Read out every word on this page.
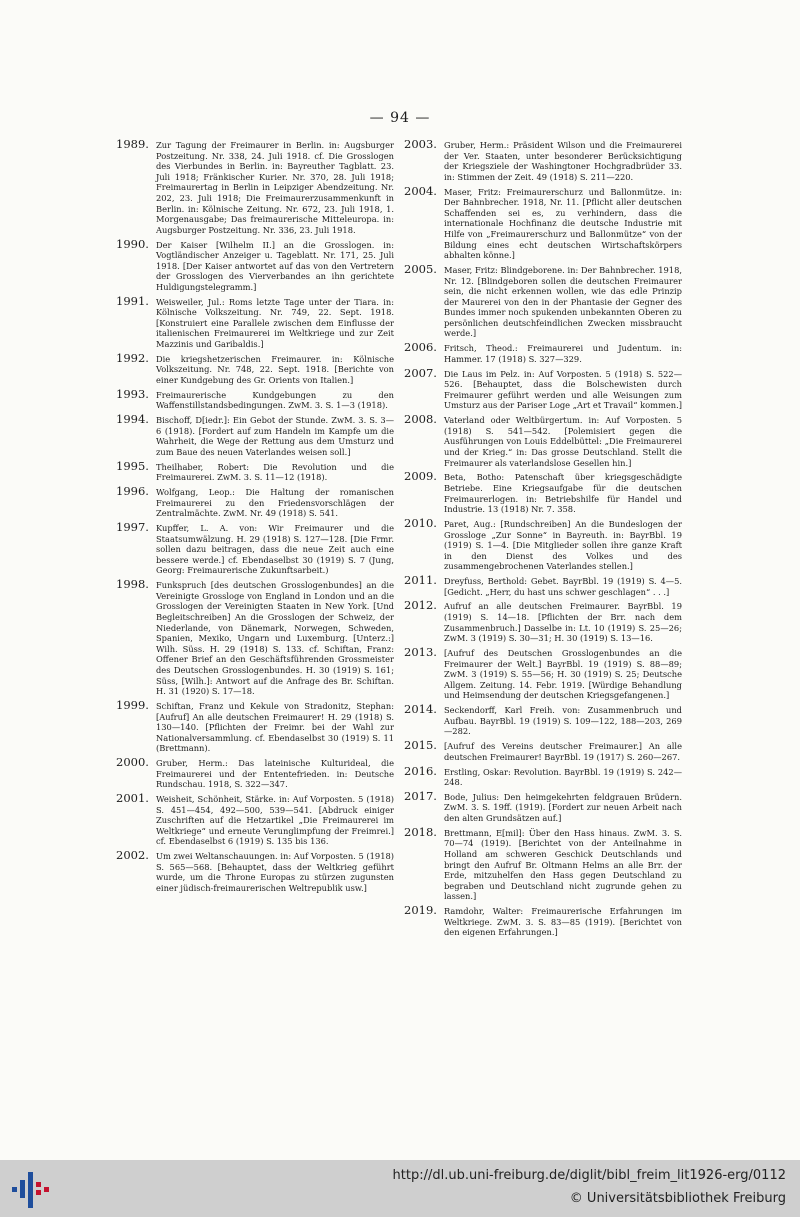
— 94 —
1989. Zur Tagung der Freimaurer in Berlin. in: Augsburger Postzeitung. Nr. 338, 24. Juli 1918. cf. Die Grosslogen des Vierbundes in Berlin. in: Bayreuther Tagblatt. 23. Juli 1918; Fränkischer Kurier. Nr. 370, 28. Juli 1918; Freimaurertag in Berlin in Leipziger Abendzeitung. Nr. 202, 23. Juli 1918; Die Freimaurerzusammenkunft in Berlin. in: Kölnische Zeitung. Nr. 672, 23. Juli 1918, 1. Morgenausgabe; Das freimaurerische Mitteleuropa. in: Augsburger Postzeitung. Nr. 336, 23. Juli 1918.
1990. Der Kaiser [Wilhelm II.] an die Grosslogen. in: Vogtländischer Anzeiger u. Tageblatt. Nr. 171, 25. Juli 1918. [Der Kaiser antwortet auf das von den Vertretern der Grosslogen des Vierverbandes an ihn gerichtete Huldigungstelegramm.]
1991. Weisweiler, Jul.: Roms letzte Tage unter der Tiara. in: Kölnische Volkszeitung. Nr. 749, 22. Sept. 1918. [Konstruiert eine Parallele zwischen dem Einflusse der italienischen Freimaurerei im Weltkriege und zur Zeit Mazzinis und Garibaldis.]
1992. Die kriegshetzerischen Freimaurer. in: Kölnische Volkszeitung. Nr. 748, 22. Sept. 1918. [Berichte von einer Kundgebung des Gr. Orients von Italien.]
1993. Freimaurerische Kundgebungen zu den Waffenstillstandsbedingungen. ZwM. 3. S. 1—3 (1918).
1994. Bischoff, D[iedr.]: Ein Gebot der Stunde. ZwM. 3. S. 3—6 (1918). [Fordert auf zum Handeln im Kampfe um die Wahrheit, die Wege der Rettung aus dem Umsturz und zum Baue des neuen Vaterlandes weisen soll.]
1995. Theilhaber, Robert: Die Revolution und die Freimaurerei. ZwM. 3. S. 11—12 (1918).
1996. Wolfgang, Leop.: Die Haltung der romanischen Freimaurerei zu den Friedensvorschlägen der Zentralmächte. ZwM. Nr. 49 (1918) S. 541.
1997. Kupffer, L. A. von: Wir Freimaurer und die Staatsumwälzung. H. 29 (1918) S. 127—128. [Die Frmr. sollen dazu beitragen, dass die neue Zeit auch eine bessere werde.] cf. Ebendaselbst 30 (1919) S. 7 (Jung, Georg: Freimaurerische Zukunftsarbeit.)
1998. Funkspruch [des deutschen Grosslogenbundes] an die Vereinigte Grossloge von England in London und an die Grosslogen der Vereinigten Staaten in New York. [Und Begleitschreiben] An die Grosslogen der Schweiz, der Niederlande, von Dänemark, Norwegen, Schweden, Spanien, Mexiko, Ungarn und Luxemburg. [Unterz.:] Wilh. Süss. H. 29 (1918) S. 133. cf. Schiftan, Franz: Offener Brief an den Geschäftsführenden Grossmeister des Deutschen Grosslogenbundes. H. 30 (1919) S. 161; Süss, [Wilh.]: Antwort auf die Anfrage des Br. Schiftan. H. 31 (1920) S. 17—18.
1999. Schiftan, Franz und Kekule von Stradonitz, Stephan: [Aufruf] An alle deutschen Freimaurer! H. 29 (1918) S. 130—140. [Pflichten der Freimr. bei der Wahl zur Nationalversammlung. cf. Ebendaselbst 30 (1919) S. 11 (Brettmann).
2000. Gruber, Herm.: Das lateinische Kulturideal, die Freimaurerei und der Ententefrieden. in: Deutsche Rundschau. 1918, S. 322—347.
2001. Weisheit, Schönheit, Stärke. in: Auf Vorposten. 5 (1918) S. 451—454, 492—500, 539—541. [Abdruck einiger Zuschriften auf die Hetzartikel „Die Freimaurerei im Weltkriege“ und erneute Verunglimpfung der Freimrei.] cf. Ebendaselbst 6 (1919) S. 135 bis 136.
2002. Um zwei Weltanschauungen. in: Auf Vorposten. 5 (1918) S. 565—568. [Behauptet, dass der Weltkrieg geführt wurde, um die Throne Europas zu stürzen zugunsten einer jüdisch-freimaurerischen Weltrepublik usw.]
2003. Gruber, Herm.: Präsident Wilson und die Freimaurerei der Ver. Staaten, unter besonderer Berücksichtigung der Kriegsziele der Washingtoner Hochgradbrüder 33. in: Stimmen der Zeit. 49 (1918) S. 211—220.
2004. Maser, Fritz: Freimaurerschurz und Ballonmütze. in: Der Bahnbrecher. 1918, Nr. 11. [Pflicht aller deutschen Schaffenden sei es, zu verhindern, dass die internationale Hochfinanz die deutsche Industrie mit Hilfe von „Freimaurerschurz und Ballonmütze“ von der Bildung eines echt deutschen Wirtschaftskörpers abhalten könne.]
2005. Maser, Fritz: Blindgeborene. in: Der Bahnbrecher. 1918, Nr. 12. [Blindgeboren sollen die deutschen Freimaurer sein, die nicht erkennen wollen, wie das edle Prinzip der Maurerei von den in der Phantasie der Gegner des Bundes immer noch spukenden unbekannten Oberen zu persönlichen deutschfeindlichen Zwecken missbraucht werde.]
2006. Fritsch, Theod.: Freimaurerei und Judentum. in: Hammer. 17 (1918) S. 327—329.
2007. Die Laus im Pelz. in: Auf Vorposten. 5 (1918) S. 522—526. [Behauptet, dass die Bolschewisten durch Freimaurer geführt werden und alle Weisungen zum Umsturz aus der Pariser Loge „Art et Travail“ kommen.]
2008. Vaterland oder Weltbürgertum. in: Auf Vorposten. 5 (1918) S. 541—542. [Polemisiert gegen die Ausführungen von Louis Eddelbüttel: „Die Freimaurerei und der Krieg.“ in: Das grosse Deutschland. Stellt die Freimaurer als vaterlandslose Gesellen hin.]
2009. Beta, Botho: Patenschaft über kriegsgeschädigte Betriebe. Eine Kriegsaufgabe für die deutschen Freimaurerlogen. in: Betriebshilfe für Handel und Industrie. 13 (1918) Nr. 7. 358.
2010. Paret, Aug.: [Rundschreiben] An die Bundeslogen der Grossloge „Zur Sonne“ in Bayreuth. in: BayrBbl. 19 (1919) S. 1—4. [Die Mitglieder sollen ihre ganze Kraft in den Dienst des Volkes und des zusammengebrochenen Vaterlandes stellen.]
2011. Dreyfuss, Berthold: Gebet. BayrBbl. 19 (1919) S. 4—5. [Gedicht. „Herr, du hast uns schwer geschlagen“ . . .]
2012. Aufruf an alle deutschen Freimaurer. BayrBbl. 19 (1919) S. 14—18. [Pflichten der Brr. nach dem Zusammenbruch.] Dasselbe in: Lt. 10 (1919) S. 25—26; ZwM. 3 (1919) S. 30—31; H. 30 (1919) S. 13—16.
2013. [Aufruf des Deutschen Grosslogenbundes an die Freimaurer der Welt.] BayrBbl. 19 (1919) S. 88—89; ZwM. 3 (1919) S. 55—56; H. 30 (1919) S. 25; Deutsche Allgem. Zeitung. 14. Febr. 1919. [Würdige Behandlung und Heimsendung der deutschen Kriegsgefangenen.]
2014. Seckendorff, Karl Freih. von: Zusammenbruch und Aufbau. BayrBbl. 19 (1919) S. 109—122, 188—203, 269—282.
2015. [Aufruf des Vereins deutscher Freimaurer.] An alle deutschen Freimaurer! BayrBbl. 19 (1917) S. 260—267.
2016. Erstling, Oskar: Revolution. BayrBbl. 19 (1919) S. 242—248.
2017. Bode, Julius: Den heimgekehrten feldgrauen Brüdern. ZwM. 3. S. 19ff. (1919). [Fordert zur neuen Arbeit nach den alten Grundsätzen auf.]
2018. Brettmann, E[mil]: Über den Hass hinaus. ZwM. 3. S. 70—74 (1919). [Berichtet von der Anteilnahme in Holland am schweren Geschick Deutschlands und bringt den Aufruf Br. Oltmann Helms an alle Brr. der Erde, mitzuhelfen den Hass gegen Deutschland zu begraben und Deutschland nicht zugrunde gehen zu lassen.]
2019. Ramdohr, Walter: Freimaurerische Erfahrungen im Weltkriege. ZwM. 3. S. 83—85 (1919). [Berichtet von den eigenen Erfahrungen.]
http://dl.ub.uni-freiburg.de/diglit/bibl_freim_lit1926-erg/0112
© Universitätsbibliothek Freiburg
